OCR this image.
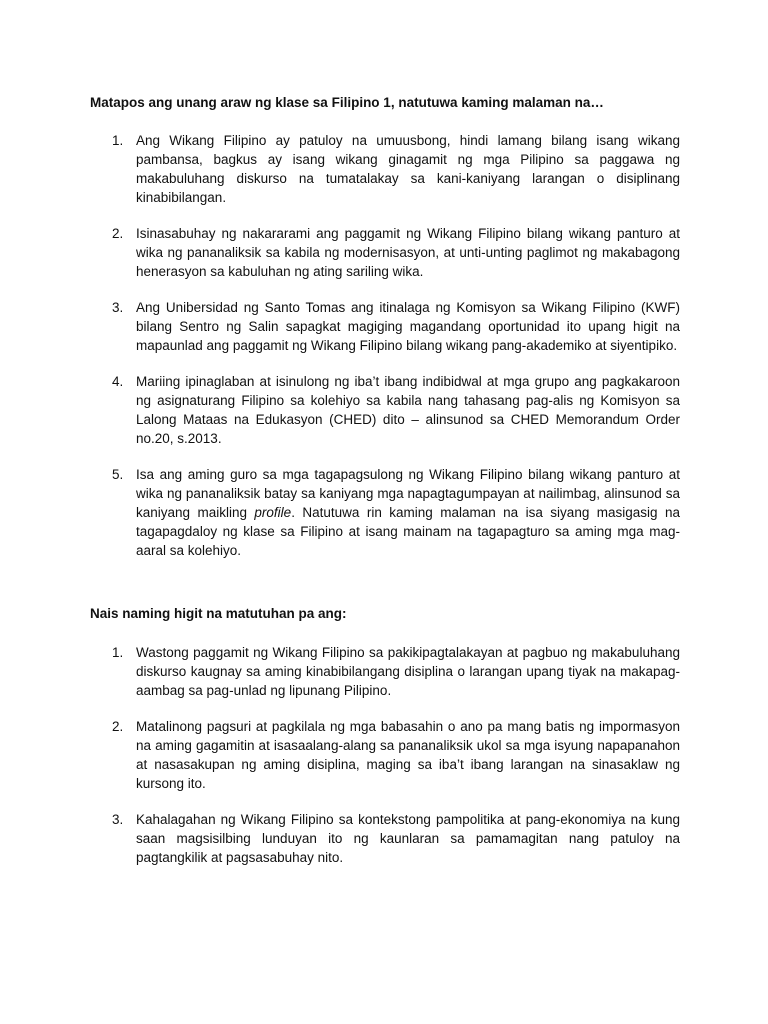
Matapos ang unang araw ng klase sa Filipino 1, natutuwa kaming malaman na…
1. Ang Wikang Filipino ay patuloy na umuusbong, hindi lamang bilang isang wikang pambansa, bagkus ay isang wikang ginagamit ng mga Pilipino sa paggawa ng makabuluhang diskurso na tumatalakay sa kani-kaniyang larangan o disiplinang kinabibilangan.
2. Isinasabuhay ng nakararami ang paggamit ng Wikang Filipino bilang wikang panturo at wika ng pananaliksik sa kabila ng modernisasyon, at unti-unting paglimot ng makabagong henerasyon sa kabuluhan ng ating sariling wika.
3. Ang Unibersidad ng Santo Tomas ang itinalaga ng Komisyon sa Wikang Filipino (KWF) bilang Sentro ng Salin sapagkat magiging magandang oportunidad ito upang higit na mapaunlad ang paggamit ng Wikang Filipino bilang wikang pang-akademiko at siyentipiko.
4. Mariing ipinaglaban at isinulong ng iba’t ibang indibidwal at mga grupo ang pagkakaroon ng asignaturang Filipino sa kolehiyo sa kabila nang tahasang pag-alis ng Komisyon sa Lalong Mataas na Edukasyon (CHED) dito – alinsunod sa CHED Memorandum Order no.20, s.2013.
5. Isa ang aming guro sa mga tagapagsulong ng Wikang Filipino bilang wikang panturo at wika ng pananaliksik batay sa kaniyang mga napagtagumpayan at nailimbag, alinsunod sa kaniyang maikling profile. Natutuwa rin kaming malaman na isa siyang masigasig na tagapagdaloy ng klase sa Filipino at isang mainam na tagapagturo sa aming mga mag-aaral sa kolehiyo.
Nais naming higit na matutuhan pa ang:
1. Wastong paggamit ng Wikang Filipino sa pakikipagtalakayan at pagbuo ng makabuluhang diskurso kaugnay sa aming kinabibilangang disiplina o larangan upang tiyak na makapag-aambag sa pag-unlad ng lipunang Pilipino.
2. Matalinong pagsuri at pagkilala ng mga babasahin o ano pa mang batis ng impormasyon na aming gagamitin at isasaalang-alang sa pananaliksik ukol sa mga isyung napapanahon at nasasakupan ng aming disiplina, maging sa iba’t ibang larangan na sinasaklaw ng kursong ito.
3. Kahalagahan ng Wikang Filipino sa kontekstong pampolitika at pang-ekonomiya na kung saan magsisilbing lunduyan ito ng kaunlaran sa pamamagitan nang patuloy na pagtangkilik at pagsasabuhay nito.
